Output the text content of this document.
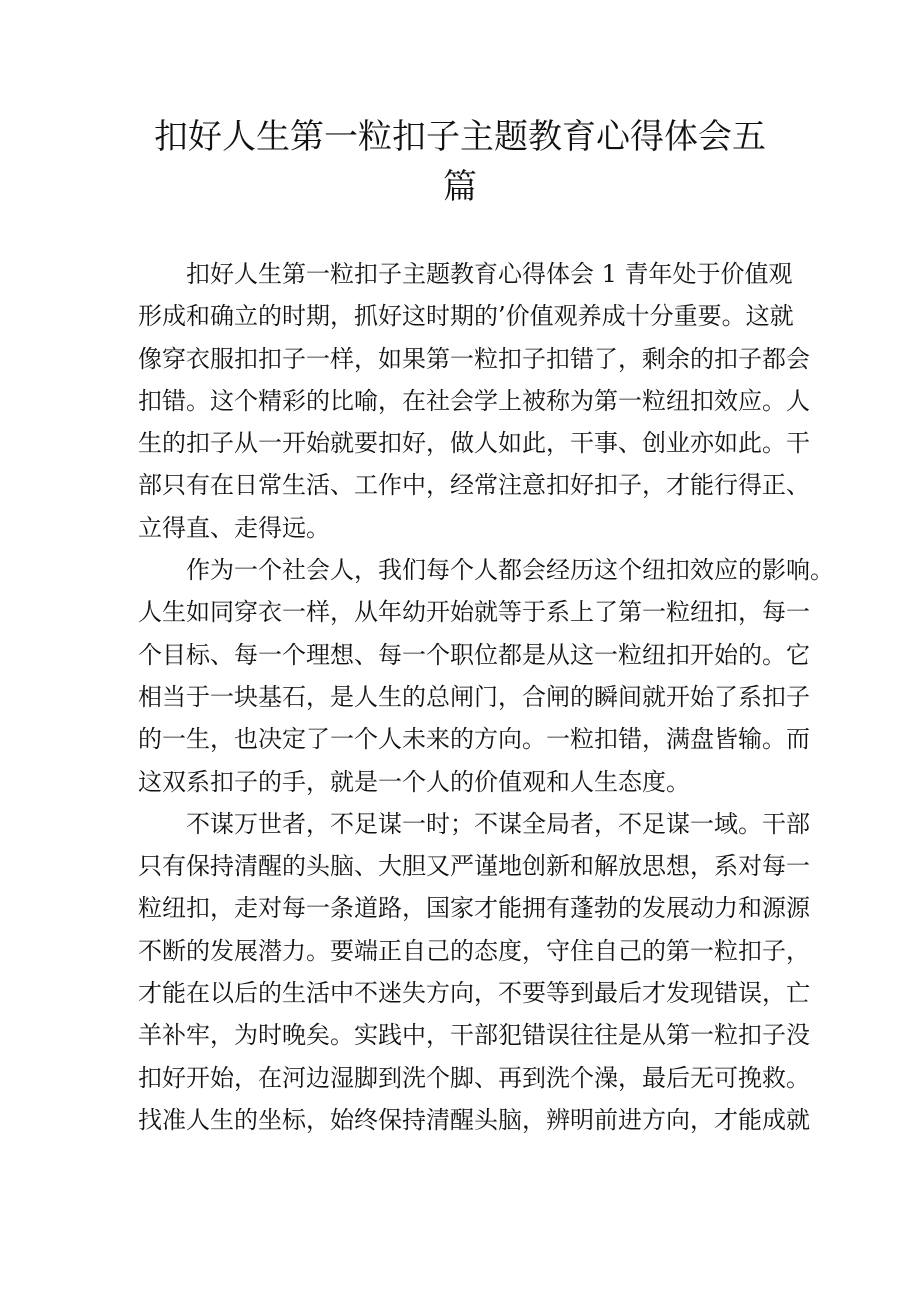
扣好人生第一粒扣子主题教育心得体会五
篇
扣好人生第一粒扣子主题教育心得体会 1 青年处于价值观
形成和确立的时期，抓好这时期的’价值观养成十分重要。这就
像穿衣服扣扣子一样，如果第一粒扣子扣错了，剩余的扣子都会
扣错。这个精彩的比喻，在社会学上被称为第一粒纽扣效应。人
生的扣子从一开始就要扣好，做人如此，干事、创业亦如此。干
部只有在日常生活、工作中，经常注意扣好扣子，才能行得正、
立得直、走得远。
作为一个社会人，我们每个人都会经历这个纽扣效应的影响。
人生如同穿衣一样，从年幼开始就等于系上了第一粒纽扣，每一
个目标、每一个理想、每一个职位都是从这一粒纽扣开始的。它
相当于一块基石，是人生的总闸门，合闸的瞬间就开始了系扣子
的一生，也决定了一个人未来的方向。一粒扣错，满盘皆输。而
这双系扣子的手，就是一个人的价值观和人生态度。
不谋万世者，不足谋一时；不谋全局者，不足谋一域。干部
只有保持清醒的头脑、大胆又严谨地创新和解放思想，系对每一
粒纽扣，走对每一条道路，国家才能拥有蓬勃的发展动力和源源
不断的发展潜力。要端正自己的态度，守住自己的第一粒扣子，
才能在以后的生活中不迷失方向，不要等到最后才发现错误，亡
羊补牢，为时晚矣。实践中，干部犯错误往往是从第一粒扣子没
扣好开始，在河边湿脚到洗个脚、再到洗个澡，最后无可挽救。
找准人生的坐标，始终保持清醒头脑，辨明前进方向，才能成就
